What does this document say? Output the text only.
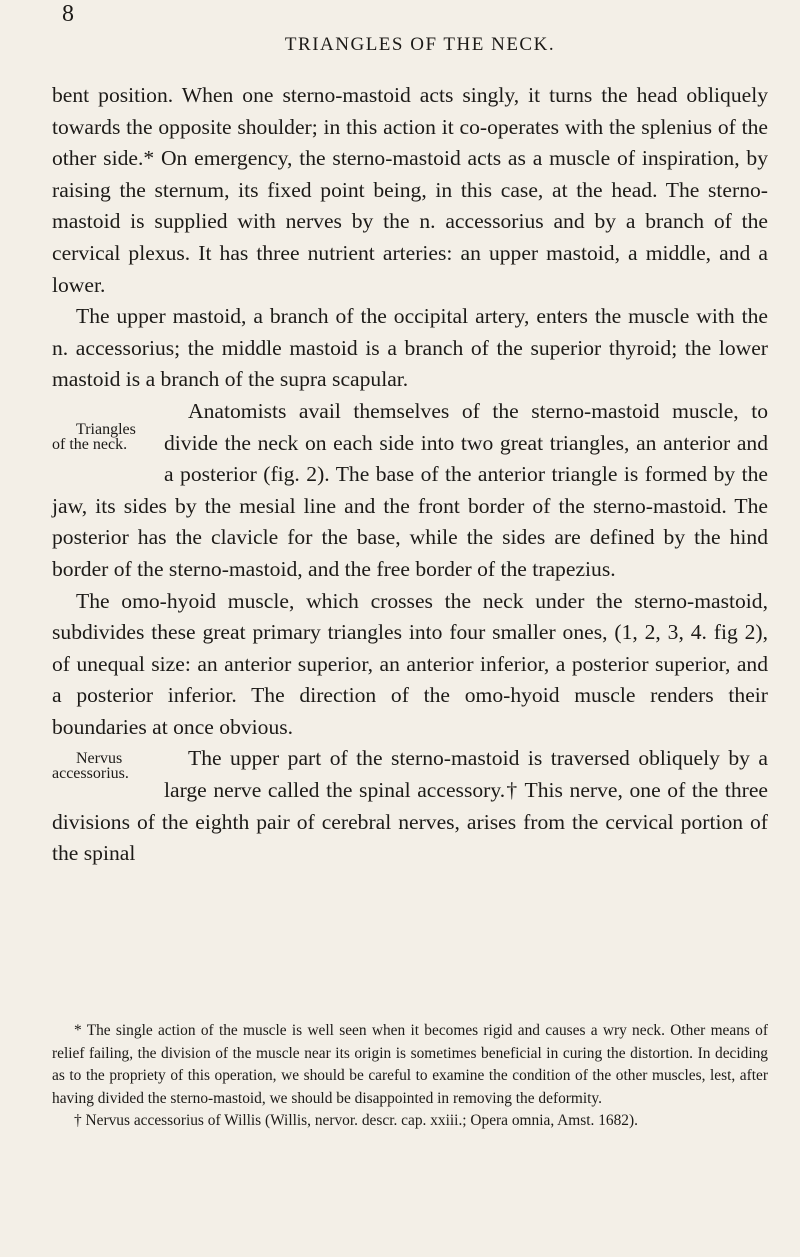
8
TRIANGLES OF THE NECK.

bent position. When one sterno-mastoid acts singly, it turns the head obliquely towards the opposite shoulder; in this action it co-operates with the splenius of the other side.* On emergency, the sterno-mastoid acts as a muscle of inspiration, by raising the sternum, its fixed point being, in this case, at the head. The sterno-mastoid is supplied with nerves by the n. accessorius and by a branch of the cervical plexus. It has three nutrient arteries: an upper mastoid, a middle, and a lower.

The upper mastoid, a branch of the occipital artery, enters the muscle with the n. accessorius; the middle mastoid is a branch of the superior thyroid; the lower mastoid is a branch of the supra scapular.

Triangles of the neck.
Anatomists avail themselves of the sterno-mastoid muscle, to divide the neck on each side into two great triangles, an anterior and a posterior (fig. 2). The base of the anterior triangle is formed by the jaw, its sides by the mesial line and the front border of the sterno-mastoid. The posterior has the clavicle for the base, while the sides are defined by the hind border of the sterno-mastoid, and the free border of the trapezius.

The omo-hyoid muscle, which crosses the neck under the sterno-mastoid, subdivides these great primary triangles into four smaller ones, (1, 2, 3, 4. fig 2), of unequal size: an anterior superior, an anterior inferior, a posterior superior, and a posterior inferior. The direction of the omo-hyoid muscle renders their boundaries at once obvious.

Nervus accessorius.
The upper part of the sterno-mastoid is traversed obliquely by a large nerve called the spinal accessory.† This nerve, one of the three divisions of the eighth pair of cerebral nerves, arises from the cervical portion of the spinal

* The single action of the muscle is well seen when it becomes rigid and causes a wry neck. Other means of relief failing, the division of the muscle near its origin is sometimes beneficial in curing the distortion. In deciding as to the propriety of this operation, we should be careful to examine the condition of the other muscles, lest, after having divided the sterno-mastoid, we should be disappointed in removing the deformity.

† Nervus accessorius of Willis (Willis, nervor. descr. cap. xxiii.; Opera omnia, Amst. 1682).
